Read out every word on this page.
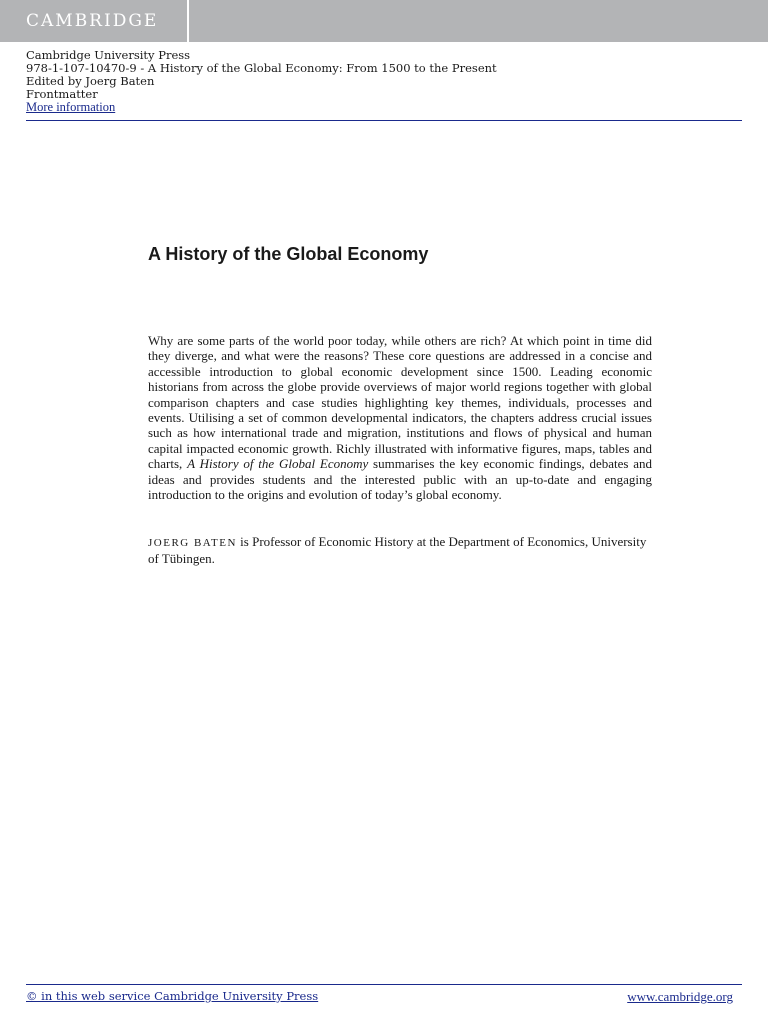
CAMBRIDGE
Cambridge University Press
978-1-107-10470-9 - A History of the Global Economy: From 1500 to the Present
Edited by Joerg Baten
Frontmatter
More information
A History of the Global Economy

Why are some parts of the world poor today, while others are rich? At which point in time did they diverge, and what were the reasons? These core questions are addressed in a concise and accessible introduction to global economic development since 1500. Leading economic historians from across the globe provide overviews of major world regions together with global comparison chapters and case studies highlighting key themes, individuals, processes and events. Utilising a set of common developmental indicators, the chapters address crucial issues such as how international trade and migration, institutions and flows of physical and human capital impacted economic growth. Richly illustrated with informative figures, maps, tables and charts, A History of the Global Economy summarises the key economic findings, debates and ideas and provides students and the interested public with an up-to-date and engaging introduction to the origins and evolution of today’s global economy.

JOERG BATEN is Professor of Economic History at the Department of Economics, University of Tübingen.

© in this web service Cambridge University Press	www.cambridge.org
